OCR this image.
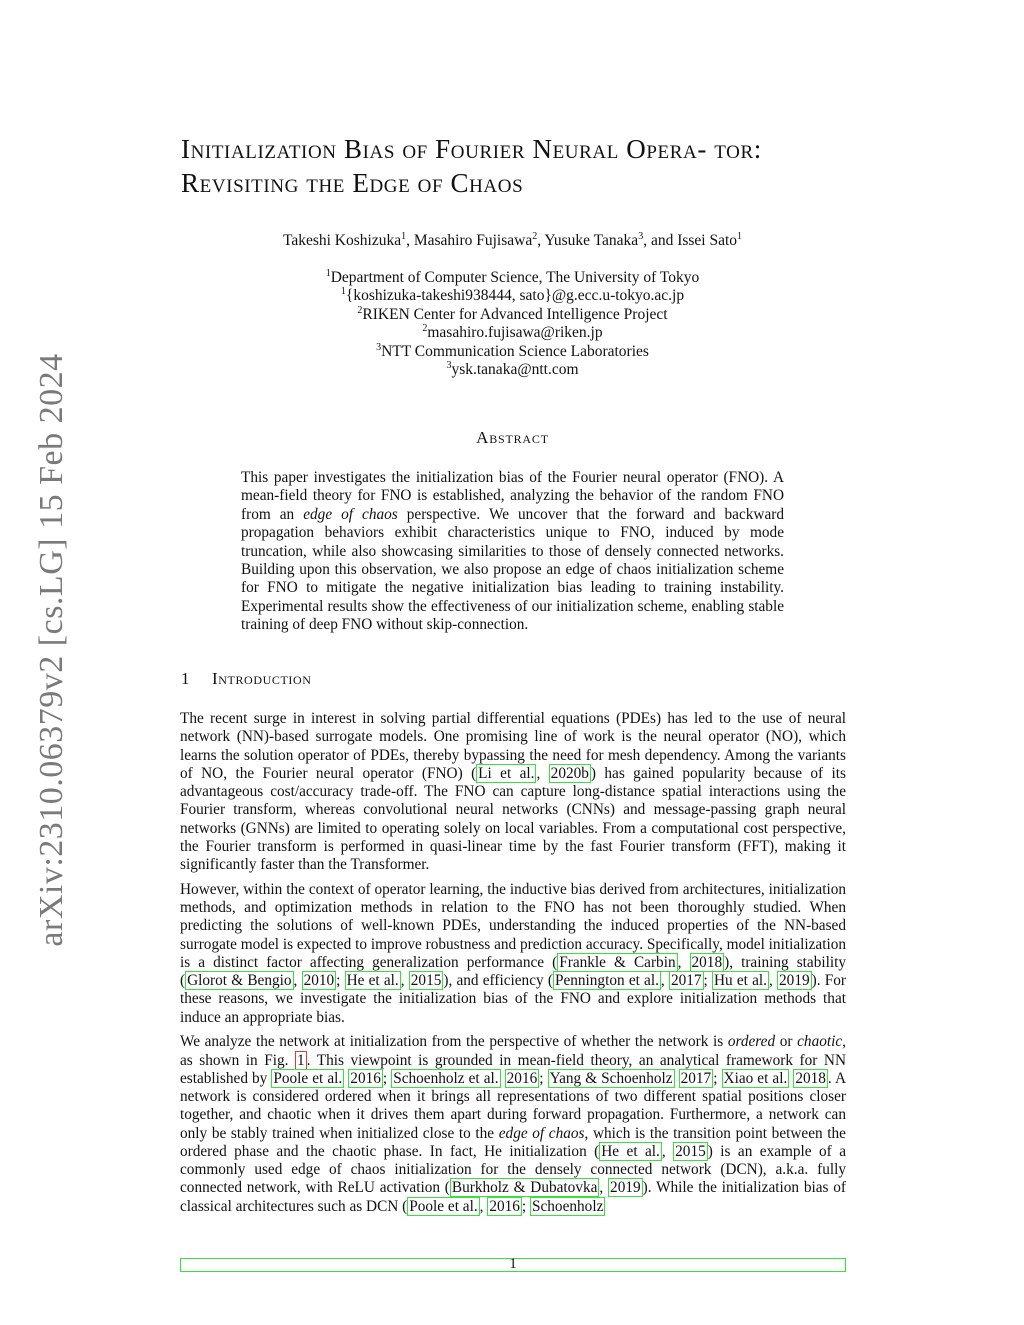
arXiv:2310.06379v2 [cs.LG] 15 Feb 2024
Initialization Bias of Fourier Neural Opera- tor: Revisiting the Edge of Chaos
Takeshi Koshizuka$^1$, Masahiro Fujisawa$^2$, Yusuke Tanaka$^3$, and Issei Sato$^1$
$^1$Department of Computer Science, The University of Tokyo
$^1${koshizuka-takeshi938444, sato}@g.ecc.u-tokyo.ac.jp
$^2$RIKEN Center for Advanced Intelligence Project
$^2$masahiro.fujisawa@riken.jp
$^3$NTT Communication Science Laboratories
$^3$ysk.tanaka@ntt.com
Abstract
This paper investigates the initialization bias of the Fourier neural operator (FNO). A mean-field theory for FNO is established, analyzing the behavior of the random FNO from an edge of chaos perspective. We uncover that the forward and backward propagation behaviors exhibit characteristics unique to FNO, induced by mode truncation, while also showcasing similarities to those of densely connected networks. Building upon this observation, we also propose an edge of chaos initialization scheme for FNO to mitigate the negative initialization bias leading to training instability. Experimental results show the effectiveness of our initialization scheme, enabling stable training of deep FNO without skip-connection.
1 Introduction

The recent surge in interest in solving partial differential equations (PDEs) has led to the use of neural network (NN)-based surrogate models. One promising line of work is the neural operator (NO), which learns the solution operator of PDEs, thereby bypassing the need for mesh dependency. Among the variants of NO, the Fourier neural operator (FNO) ( Li et al. , 2020b ) has gained popularity because of its advantageous cost/accuracy trade-off. The FNO can capture long-distance spatial interactions using the Fourier transform, whereas convolutional neural networks (CNNs) and message-passing graph neural networks (GNNs) are limited to operating solely on local variables. From a computational cost perspective, the Fourier transform is performed in quasi-linear time by the fast Fourier transform (FFT), making it significantly faster than the Transformer.

However, within the context of operator learning, the inductive bias derived from architectures, initialization methods, and optimization methods in relation to the FNO has not been thoroughly studied. When predicting the solutions of well-known PDEs, understanding the induced properties of the NN-based surrogate model is expected to improve robustness and prediction accuracy. Specifically, model initialization is a distinct factor affecting generalization performance ( Frankle & Carbin , 2018 ), training stability ( Glorot & Bengio , 2010 ; He et al. , 2015 ), and efficiency ( Pennington et al. , 2017 ; Hu et al. , 2019 ). For these reasons, we investigate the initialization bias of the FNO and explore initialization methods that induce an appropriate bias.

We analyze the network at initialization from the perspective of whether the network is ordered or chaotic, as shown in Fig. 1 . This viewpoint is grounded in mean-field theory, an analytical framework for NN established by Poole et al. 2016 ; Schoenholz et al. 2016 ; Yang & Schoenholz 2017 ; Xiao et al. 2018 . A network is considered ordered when it brings all representations of two different spatial positions closer together, and chaotic when it drives them apart during forward propagation. Furthermore, a network can only be stably trained when initialized close to the edge of chaos, which is the transition point between the ordered phase and the chaotic phase. In fact, He initialization ( He et al. , 2015 ) is an example of a commonly used edge of chaos initialization for the densely connected network (DCN), a.k.a. fully connected network, with ReLU activation ( Burkholz & Dubatovka , 2019 ). While the initialization bias of classical architectures such as DCN ( Poole et al. , 2016 ; Schoenholz

1
